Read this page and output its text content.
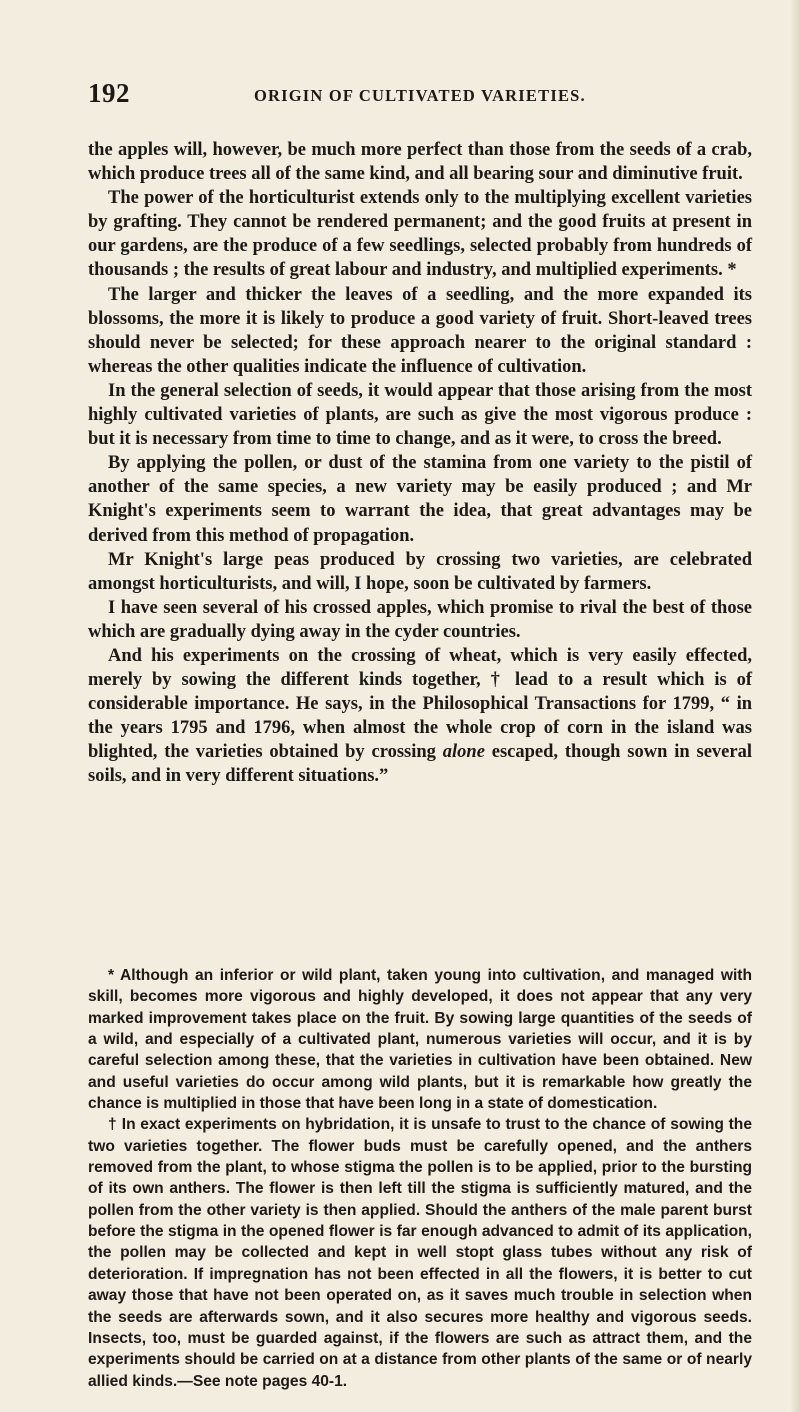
192	ORIGIN OF CULTIVATED VARIETIES.

the apples will, however, be much more perfect than those from the seeds of a crab, which produce trees all of the same kind, and all bearing sour and diminutive fruit.

The power of the horticulturist extends only to the multiplying excellent varieties by grafting. They cannot be rendered permanent; and the good fruits at present in our gardens, are the produce of a few seedlings, selected probably from hundreds of thousands ; the results of great labour and industry, and multiplied experiments. *

The larger and thicker the leaves of a seedling, and the more expanded its blossoms, the more it is likely to produce a good variety of fruit. Short-leaved trees should never be selected; for these approach nearer to the original standard : whereas the other qualities indicate the influence of cultivation.

In the general selection of seeds, it would appear that those arising from the most highly cultivated varieties of plants, are such as give the most vigorous produce : but it is necessary from time to time to change, and as it were, to cross the breed.

By applying the pollen, or dust of the stamina from one variety to the pistil of another of the same species, a new variety may be easily produced ; and Mr Knight's experiments seem to warrant the idea, that great advantages may be derived from this method of propagation.

Mr Knight's large peas produced by crossing two varieties, are celebrated amongst horticulturists, and will, I hope, soon be cultivated by farmers.

I have seen several of his crossed apples, which promise to rival the best of those which are gradually dying away in the cyder countries.

And his experiments on the crossing of wheat, which is very easily effected, merely by sowing the different kinds together, † lead to a result which is of considerable importance. He says, in the Philosophical Transactions for 1799, “ in the years 1795 and 1796, when almost the whole crop of corn in the island was blighted, the varieties obtained by crossing alone escaped, though sown in several soils, and in very different situations.”

* Although an inferior or wild plant, taken young into cultivation, and managed with skill, becomes more vigorous and highly developed, it does not appear that any very marked improvement takes place on the fruit. By sowing large quantities of the seeds of a wild, and especially of a cultivated plant, numerous varieties will occur, and it is by careful selection among these, that the varieties in cultivation have been obtained. New and useful varieties do occur among wild plants, but it is remarkable how greatly the chance is multiplied in those that have been long in a state of domestication.

† In exact experiments on hybridation, it is unsafe to trust to the chance of sowing the two varieties together. The flower buds must be carefully opened, and the anthers removed from the plant, to whose stigma the pollen is to be applied, prior to the bursting of its own anthers. The flower is then left till the stigma is sufficiently matured, and the pollen from the other variety is then applied. Should the anthers of the male parent burst before the stigma in the opened flower is far enough advanced to admit of its application, the pollen may be collected and kept in well stopt glass tubes without any risk of deterioration. If impregnation has not been effected in all the flowers, it is better to cut away those that have not been operated on, as it saves much trouble in selection when the seeds are afterwards sown, and it also secures more healthy and vigorous seeds. Insects, too, must be guarded against, if the flowers are such as attract them, and the experiments should be carried on at a distance from other plants of the same or of nearly allied kinds.—See note pages 40-1.
